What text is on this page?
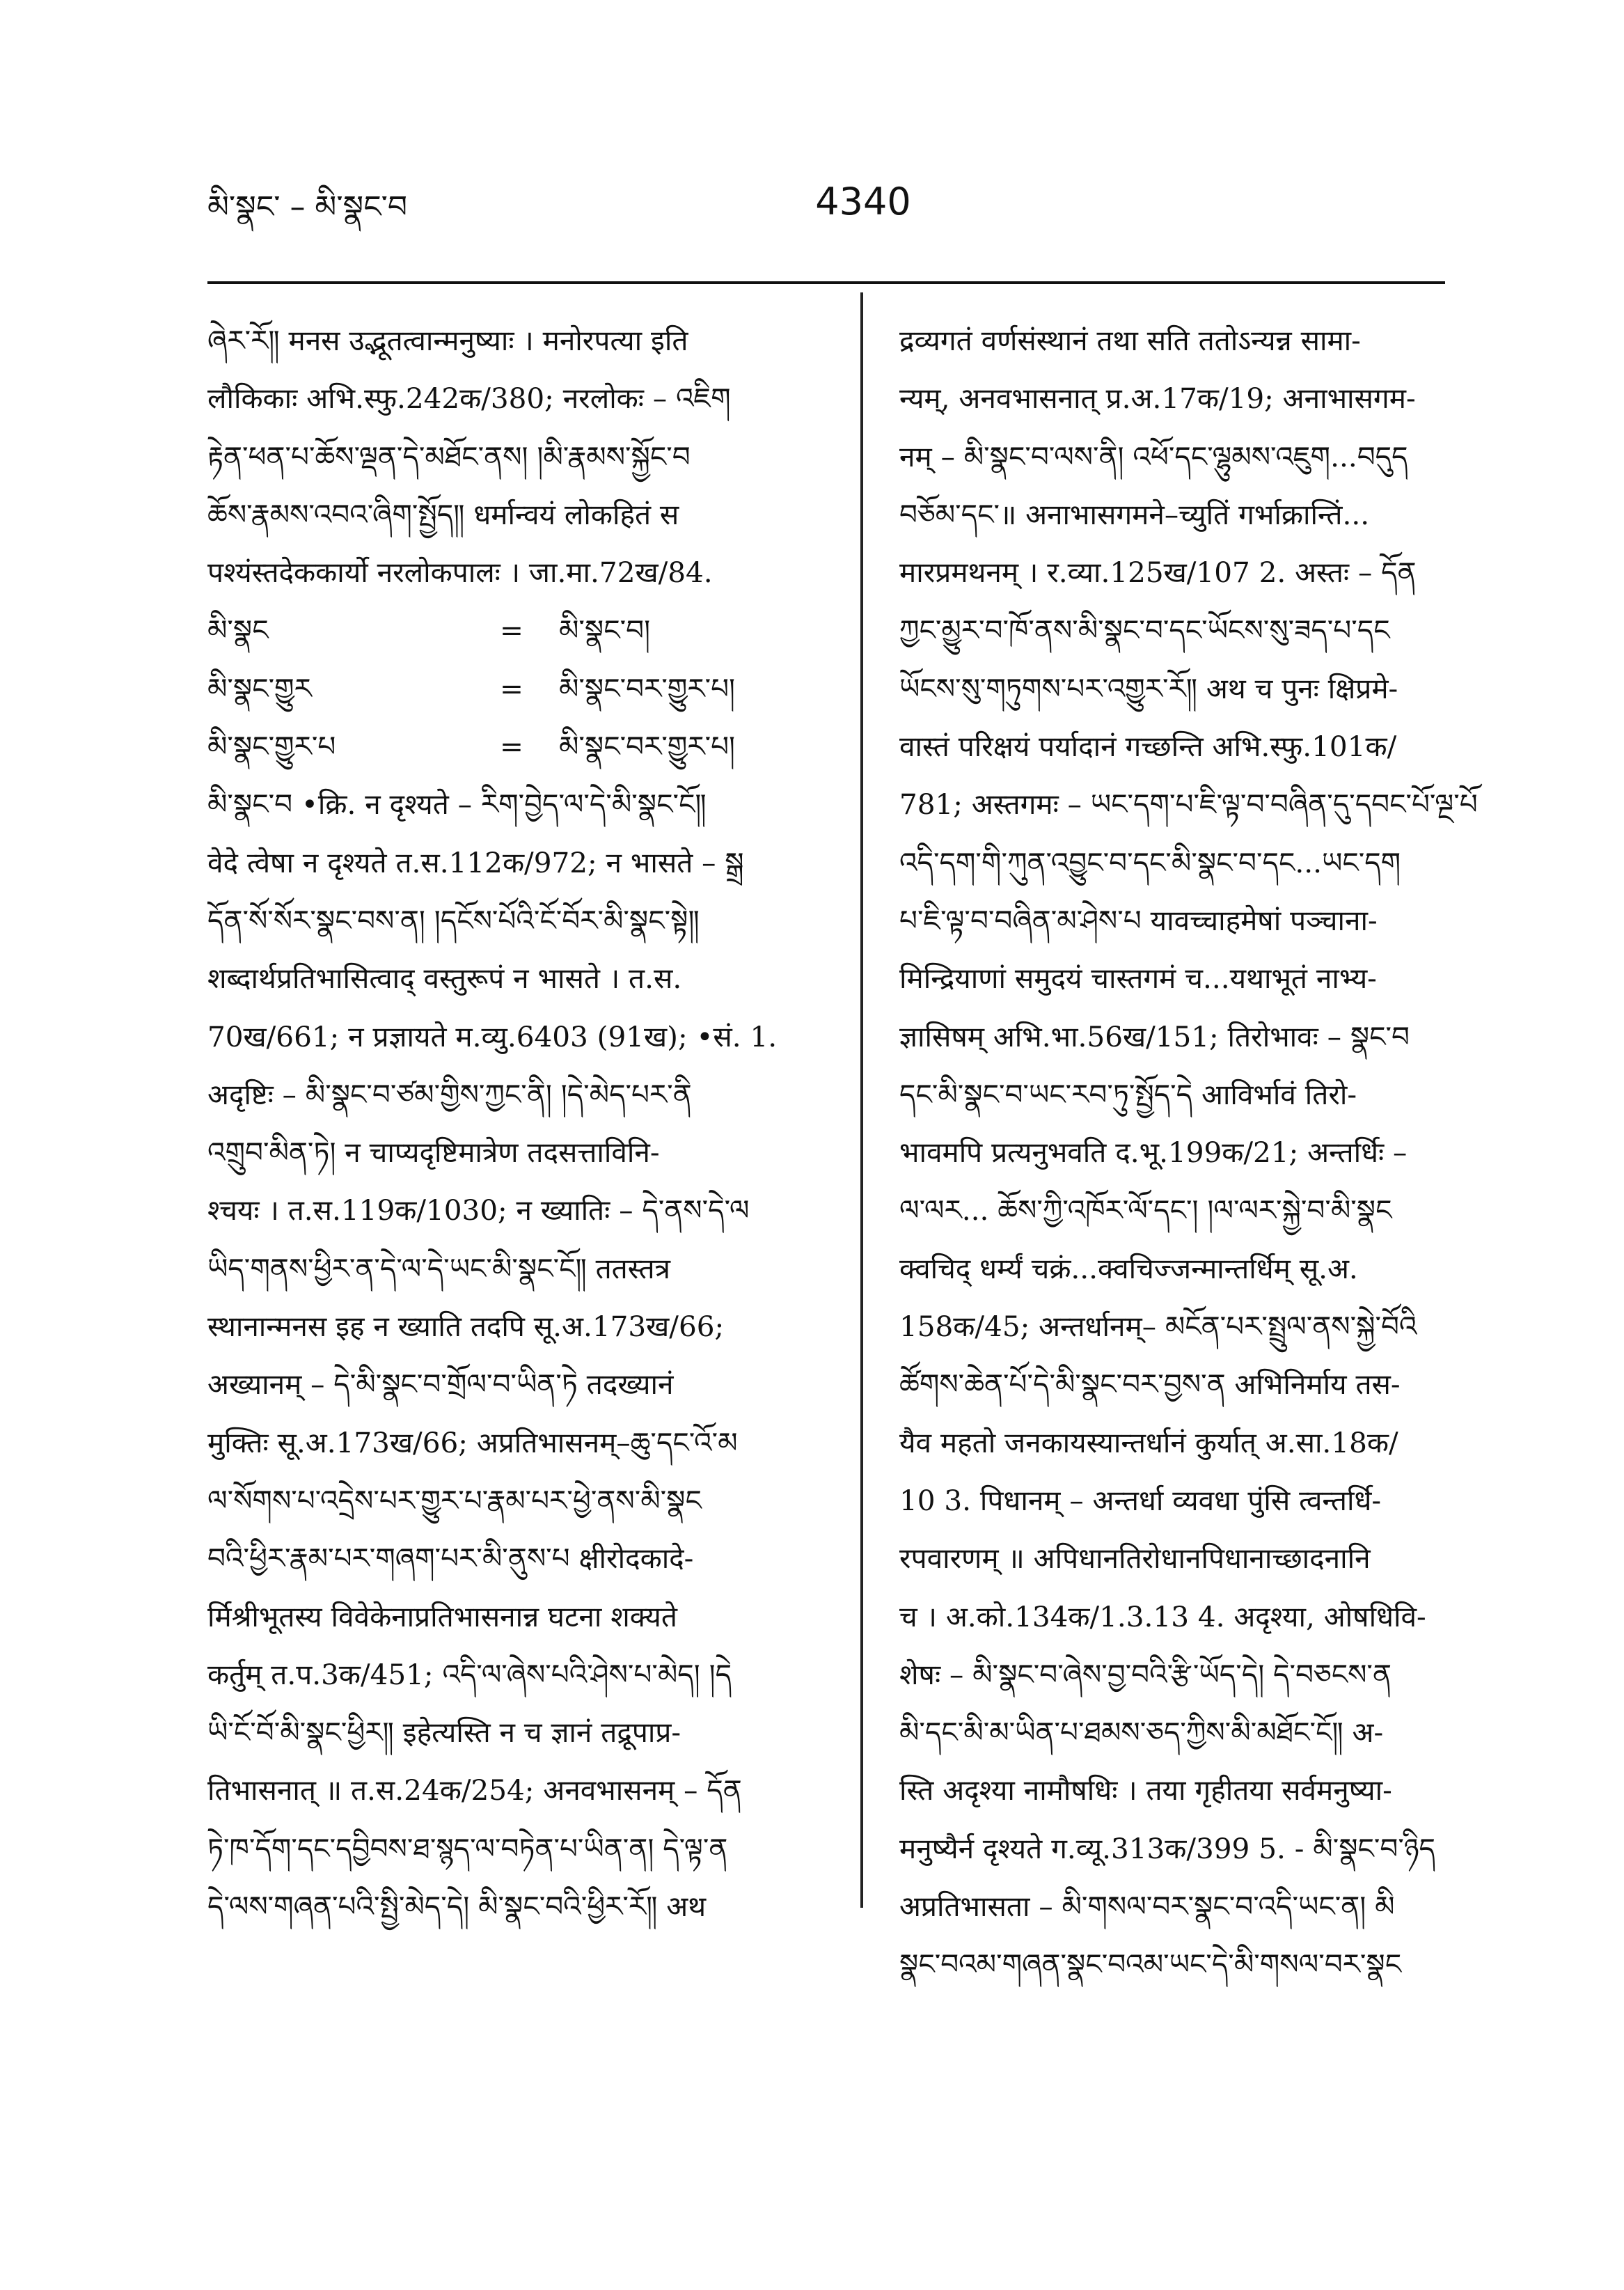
མི་སྣང་ – མི་སྣང་བ	4340
ཞེར་རོ༎ मनस उद्भूतत्वान्मनुष्याः । मनोरपत्या इति
लौकिकाः अभि.स्फु.242क/380; नरलोकः – འཇིག
རྟེན་ཕན་པ་ཆོས་ལྡན་དེ་མཐོང་ནས། །མི་རྣམས་སྐྱོང་བ
ཆོས་རྣམས་འབའ་ཞིག་སྤྱོད༎ धर्मान्वयं लोकहितं स
पश्यंस्तदेककार्यो नरलोकपालः । जा.मा.72ख/84.
མི་སྣང	= མི་སྣང་བ།
མི་སྣང་གྱུར	= མི་སྣང་བར་གྱུར་པ།
མི་སྣང་གྱུར་པ	= མི་སྣང་བར་གྱུར་པ།
མི་སྣང་བ •क्रि. न दृश्यते – རིག་བྱེད་ལ་དེ་མི་སྣང་ངོ༎
वेदे त्वेषा न दृश्यते त.स.112क/972; न भासते – སྒྲ
དོན་སོ་སོར་སྣང་བས་ན། །དངོས་པོའི་ངོ་བོར་མི་སྣང་སྟེ༎
शब्दार्थप्रतिभासित्वाद् वस्तुरूपं न भासते । त.स.
70ख/661; न प्रज्ञायते म.व्यु.6403 (91ख); •सं. 1.
अदृष्टिः – མི་སྣང་བ་ཙམ་གྱིས་ཀྱང་ནི། །དེ་མེད་པར་ནི
འགྲུབ་མིན་ཏེ། न चाप्यदृष्टिमात्रेण तदसत्ताविनि-
श्चयः । त.स.119क/1030; न ख्यातिः – དེ་ནས་དེ་ལ
ཡིད་གནས་ཕྱིར་ན་དེ་ལ་དེ་ཡང་མི་སྣང་ངོ༎ ततस्तत्र
स्थानान्मनस इह न ख्याति तदपि सू.अ.173ख/66;
अख्यानम् – དེ་མི་སྣང་བ་གྲོལ་བ་ཡིན་ཏེ तदख्यानं
मुक्तिः सू.अ.173ख/66; अप्रतिभासनम्–ཆུ་དང་འོ་མ
ལ་སོགས་པ་འདྲེས་པར་གྱུར་པ་རྣམ་པར་ཕྱེ་ནས་མི་སྣང
བའི་ཕྱིར་རྣམ་པར་གཞག་པར་མི་ནུས་པ क्षीरोदकादे-
र्मिश्रीभूतस्य विवेकेनाप्रतिभासनान्न घटना शक्यते
कर्तुम् त.प.3क/451; འདི་ལ་ཞེས་པའི་ཤེས་པ་མེད། །དེ
ཡི་ངོ་བོ་མི་སྣང་ཕྱིར༎ इहेत्यस्ति न च ज्ञानं तद्रूपाप्र-
तिभासनात् ॥ त.स.24क/254; अनवभासनम् – དོན
ཏེ་ཁ་དོག་དང་དབྱིབས་ཐ་སྙད་ལ་བཏེན་པ་ཡིན་ན། དེ་ལྟ་ན
དེ་ལས་གཞན་པའི་སྤྱི་མེད་དེ། མི་སྣང་བའི་ཕྱིར་རོ༎ अथ
द्रव्यगतं वर्णसंस्थानं तथा सति ततोऽन्यन्न सामा-
न्यम्, अनवभासनात् प्र.अ.17क/19; अनाभासगम-
नम् – མི་སྣང་བ་ལས་ནི། འཕོ་དང་ལྷུམས་འཇུག...བདུད
བཅོམ་དང་॥ अनाभासगमने–च्युतिं गर्भाक्रान्तिं...
मारप्रमथनम् । र.व्या.125ख/107 2. अस्तः – དོན
ཀྱང་མྱུར་བ་ཁོ་ནས་མི་སྣང་བ་དང་ཡོངས་སུ་ཟད་པ་དང
ཡོངས་སུ་གཏུགས་པར་འགྱུར་རོ༎ अथ च पुनः क्षिप्रमे-
वास्तं परिक्षयं पर्यादानं गच्छन्ति अभि.स्फु.101क/
781; अस्तगमः – ཡང་དག་པ་ཇི་ལྟ་བ་བཞིན་དུ་དབང་པོ་ལྔ་པོ
འདི་དག་གི་ཀུན་འབྱུང་བ་དང་མི་སྣང་བ་དང...ཡང་དག
པ་ཇི་ལྟ་བ་བཞིན་མ་ཤེས་པ यावच्चाहमेषां पञ्चाना-
मिन्द्रियाणां समुदयं चास्तगमं च...यथाभूतं नाभ्य-
ज्ञासिषम् अभि.भा.56ख/151; तिरोभावः – སྣང་བ
དང་མི་སྣང་བ་ཡང་རབ་ཏུ་སྤྱོད་དེ आविर्भावं तिरो-
भावमपि प्रत्यनुभवति द.भू.199क/21; अन्तर्धिः –
ལ་ལར... ཆོས་ཀྱི་འཁོར་ལོ་དང་། །ལ་ལར་སྐྱེ་བ་མི་སྣང
क्वचिद् धर्म्यं चक्रं...क्वचिज्जन्मान्तर्धिम् सू.अ.
158क/45; अन्तर्धानम्– མངོན་པར་སྤྲུལ་ནས་སྐྱེ་བོའི
ཚོགས་ཆེན་པོ་དེ་མི་སྣང་བར་བྱས་ན अभिनिर्माय तस-
यैव महतो जनकायस्यान्तर्धानं कुर्यात् अ.सा.18क/
10 3. पिधानम् – अन्तर्धा व्यवधा पुंसि त्वन्तर्धि-
रपवारणम् ॥ अपिधानतिरोधानपिधानाच्छादनानि
च । अ.को.134क/1.3.13 4. अदृश्या, ओषधिवि-
शेषः – མི་སྣང་བ་ཞེས་བྱ་བའི་རྩི་ཡོད་དེ། དེ་བཅངས་ན
མི་དང་མི་མ་ཡིན་པ་ཐམས་ཅད་ཀྱིས་མི་མཐོང་ངོ༎ अ-
स्ति अदृश्या नामौषधिः । तया गृहीतया सर्वमनुष्या-
मनुष्यैर्न दृश्यते ग.व्यू.313क/399 5. - མི་སྣང་བ་ཉིད
अप्रतिभासता – མི་གསལ་བར་སྣང་བ་འདི་ཡང་ན། མི
སྣང་བའམ་གཞན་སྣང་བའམ་ཡང་དེ་མི་གསལ་བར་སྣང
